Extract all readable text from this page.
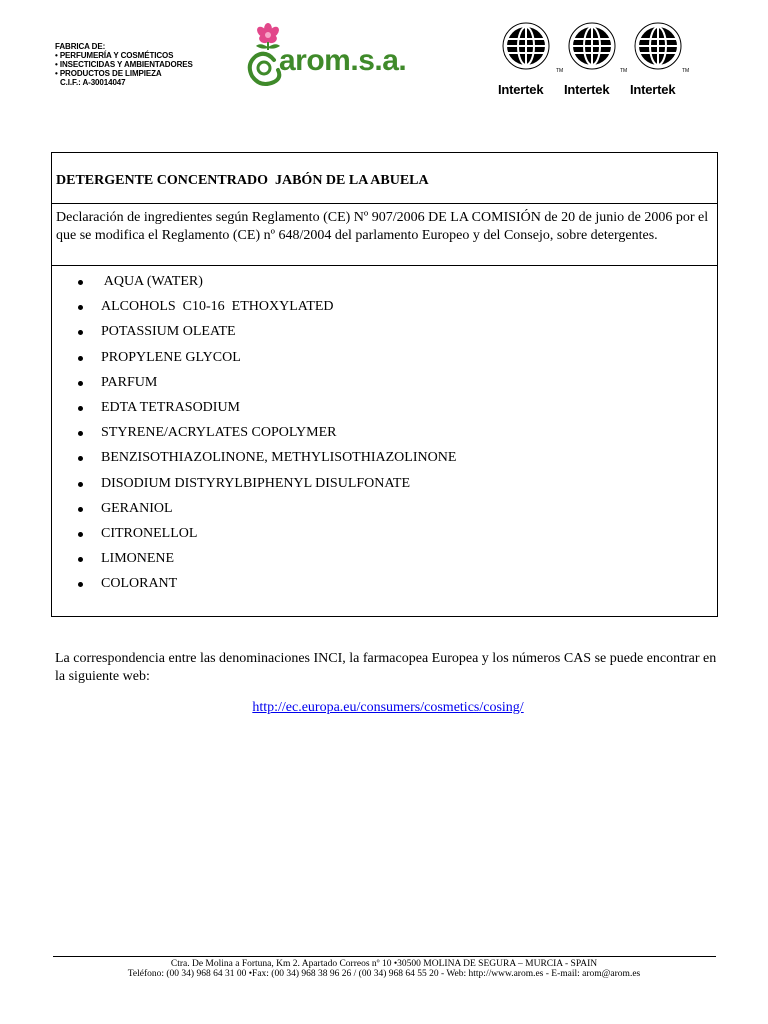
FABRICA DE:
• PERFUMERÍA Y COSMÉTICOS
• INSECTICIDAS Y AMBIENTADORES
• PRODUCTOS DE LIMPIEZA
C.I.F.: A-30014047
arom.s.a.	TM
Intertek
TM
Intertek
TM
Intertek
DETERGENTE CONCENTRADO  JABÓN DE LA ABUELA
Declaración de ingredientes según Reglamento (CE) Nº 907/2006 DE LA COMISIÓN de 20 de junio de 2006 por el que se modifica el Reglamento (CE) nº 648/2004 del parlamento Europeo y del Consejo, sobre detergentes.
AQUA (WATER)
ALCOHOLS  C10-16  ETHOXYLATED
POTASSIUM OLEATE
PROPYLENE GLYCOL
PARFUM
EDTA TETRASODIUM
STYRENE/ACRYLATES COPOLYMER
BENZISOTHIAZOLINONE, METHYLISOTHIAZOLINONE
DISODIUM DISTYRYLBIPHENYL DISULFONATE
GERANIOL
CITRONELLOL
LIMONENE
COLORANT
La correspondencia entre las denominaciones INCI, la farmacopea Europea y los números CAS se puede encontrar en la siguiente web:
http://ec.europa.eu/consumers/cosmetics/cosing/
Ctra. De Molina a Fortuna, Km 2. Apartado Correos nº 10 •30500 MOLINA DE SEGURA – MURCIA - SPAIN
Teléfono: (00 34) 968 64 31 00 •Fax: (00 34) 968 38 96 26 / (00 34) 968 64 55 20 - Web: http://www.arom.es - E-mail: arom@arom.es
